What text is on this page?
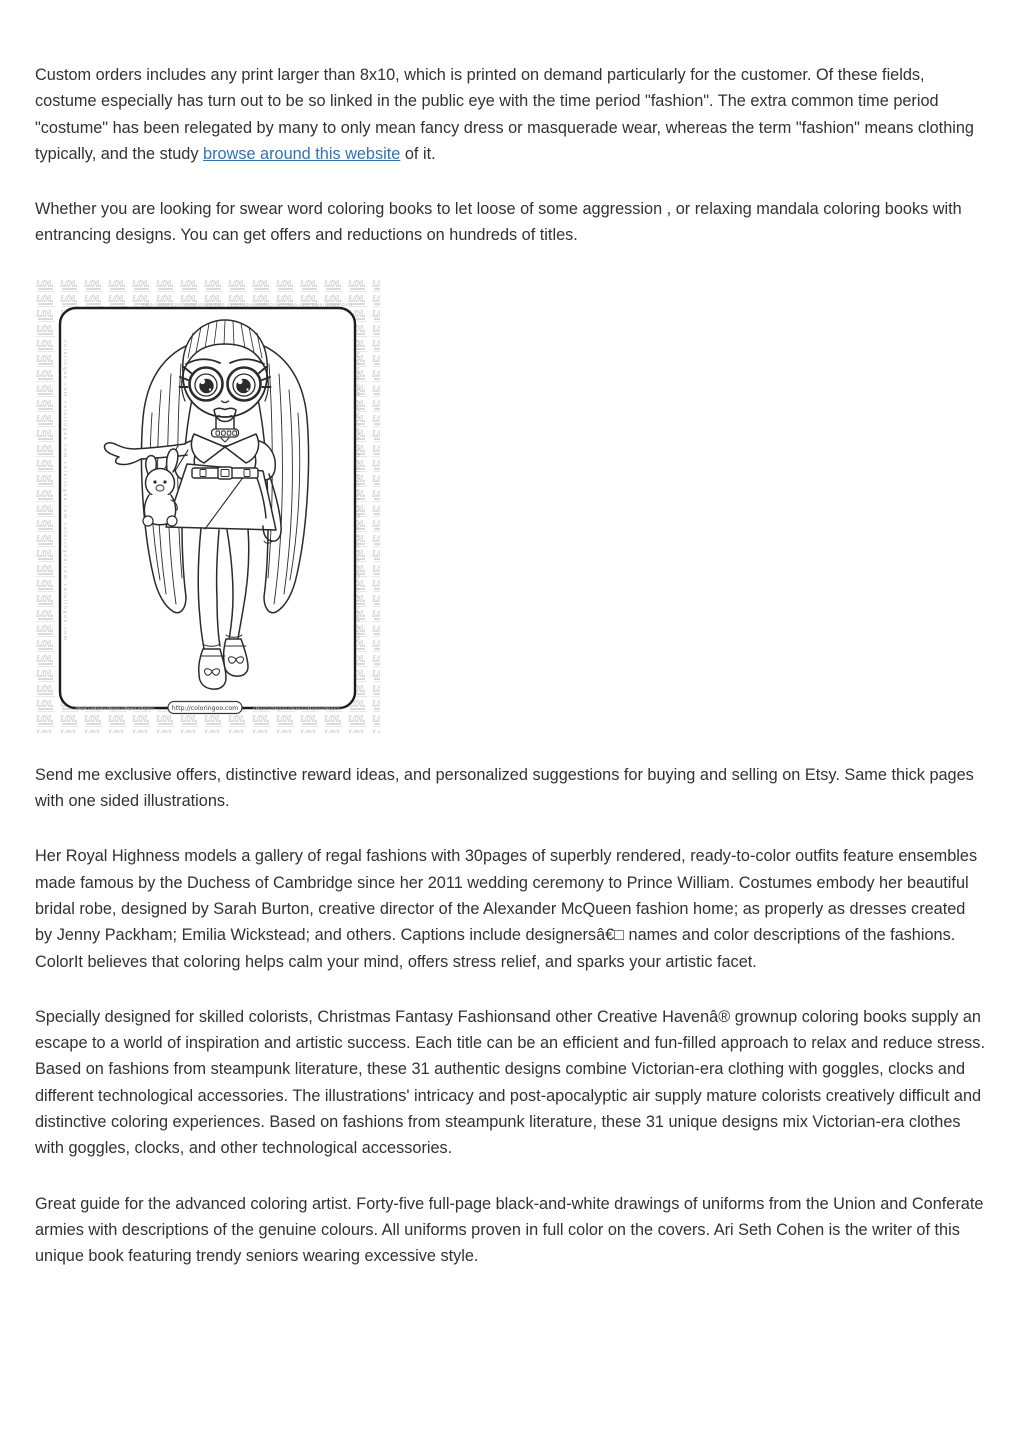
Custom orders includes any print larger than 8x10, which is printed on demand particularly for the customer. Of these fields, costume especially has turn out to be so linked in the public eye with the time period "fashion". The extra common time period "costume" has been relegated by many to only mean fancy dress or masquerade wear, whereas the term "fashion" means clothing typically, and the study browse around this website of it.

Whether you are looking for swear word coloring books to let loose of some aggression , or relaxing mandala coloring books with entrancing designs. You can get offers and reductions on hundreds of titles.

coloringoo.com coloringoo.com coloringoo.com coloringoo.com coloringoo.com
coloringoo.com coloringoo.com coloringoo.com coloringoo.com coloringoo.com
coloringoo.com coloringoo.com coloringoo.com coloringoo.com coloringoo.com
coloringoo.com coloringoo.com coloringoo.com coloringoo.com coloringoo.com	coloringoo.com coloringoo.com coloringoo.com coloringoo.com coloringoo.com
http://coloringoo.com

Send me exclusive offers, distinctive reward ideas, and personalized suggestions for buying and selling on Etsy. Same thick pages with one sided illustrations.

Her Royal Highness models a gallery of regal fashions with 30pages of superbly rendered, ready-to-color outfits feature ensembles made famous by the Duchess of Cambridge since her 2011 wedding ceremony to Prince William. Costumes embody her beautiful bridal robe, designed by Sarah Burton, creative director of the Alexander McQueen fashion home; as properly as dresses created by Jenny Packham; Emilia Wickstead; and others. Captions include designersâ€□ names and color descriptions of the fashions. ColorIt believes that coloring helps calm your mind, offers stress relief, and sparks your artistic facet.

Specially designed for skilled colorists, Christmas Fantasy Fashionsand other Creative Havenâ® grownup coloring books supply an escape to a world of inspiration and artistic success. Each title can be an efficient and fun-filled approach to relax and reduce stress. Based on fashions from steampunk literature, these 31 authentic designs combine Victorian-era clothing with goggles, clocks and different technological accessories. The illustrations' intricacy and post-apocalyptic air supply mature colorists creatively difficult and distinctive coloring experiences. Based on fashions from steampunk literature, these 31 unique designs mix Victorian-era clothes with goggles, clocks, and other technological accessories.

Great guide for the advanced coloring artist. Forty-five full-page black-and-white drawings of uniforms from the Union and Conferate armies with descriptions of the genuine colours. All uniforms proven in full color on the covers. Ari Seth Cohen is the writer of this unique book featuring trendy seniors wearing excessive style.
